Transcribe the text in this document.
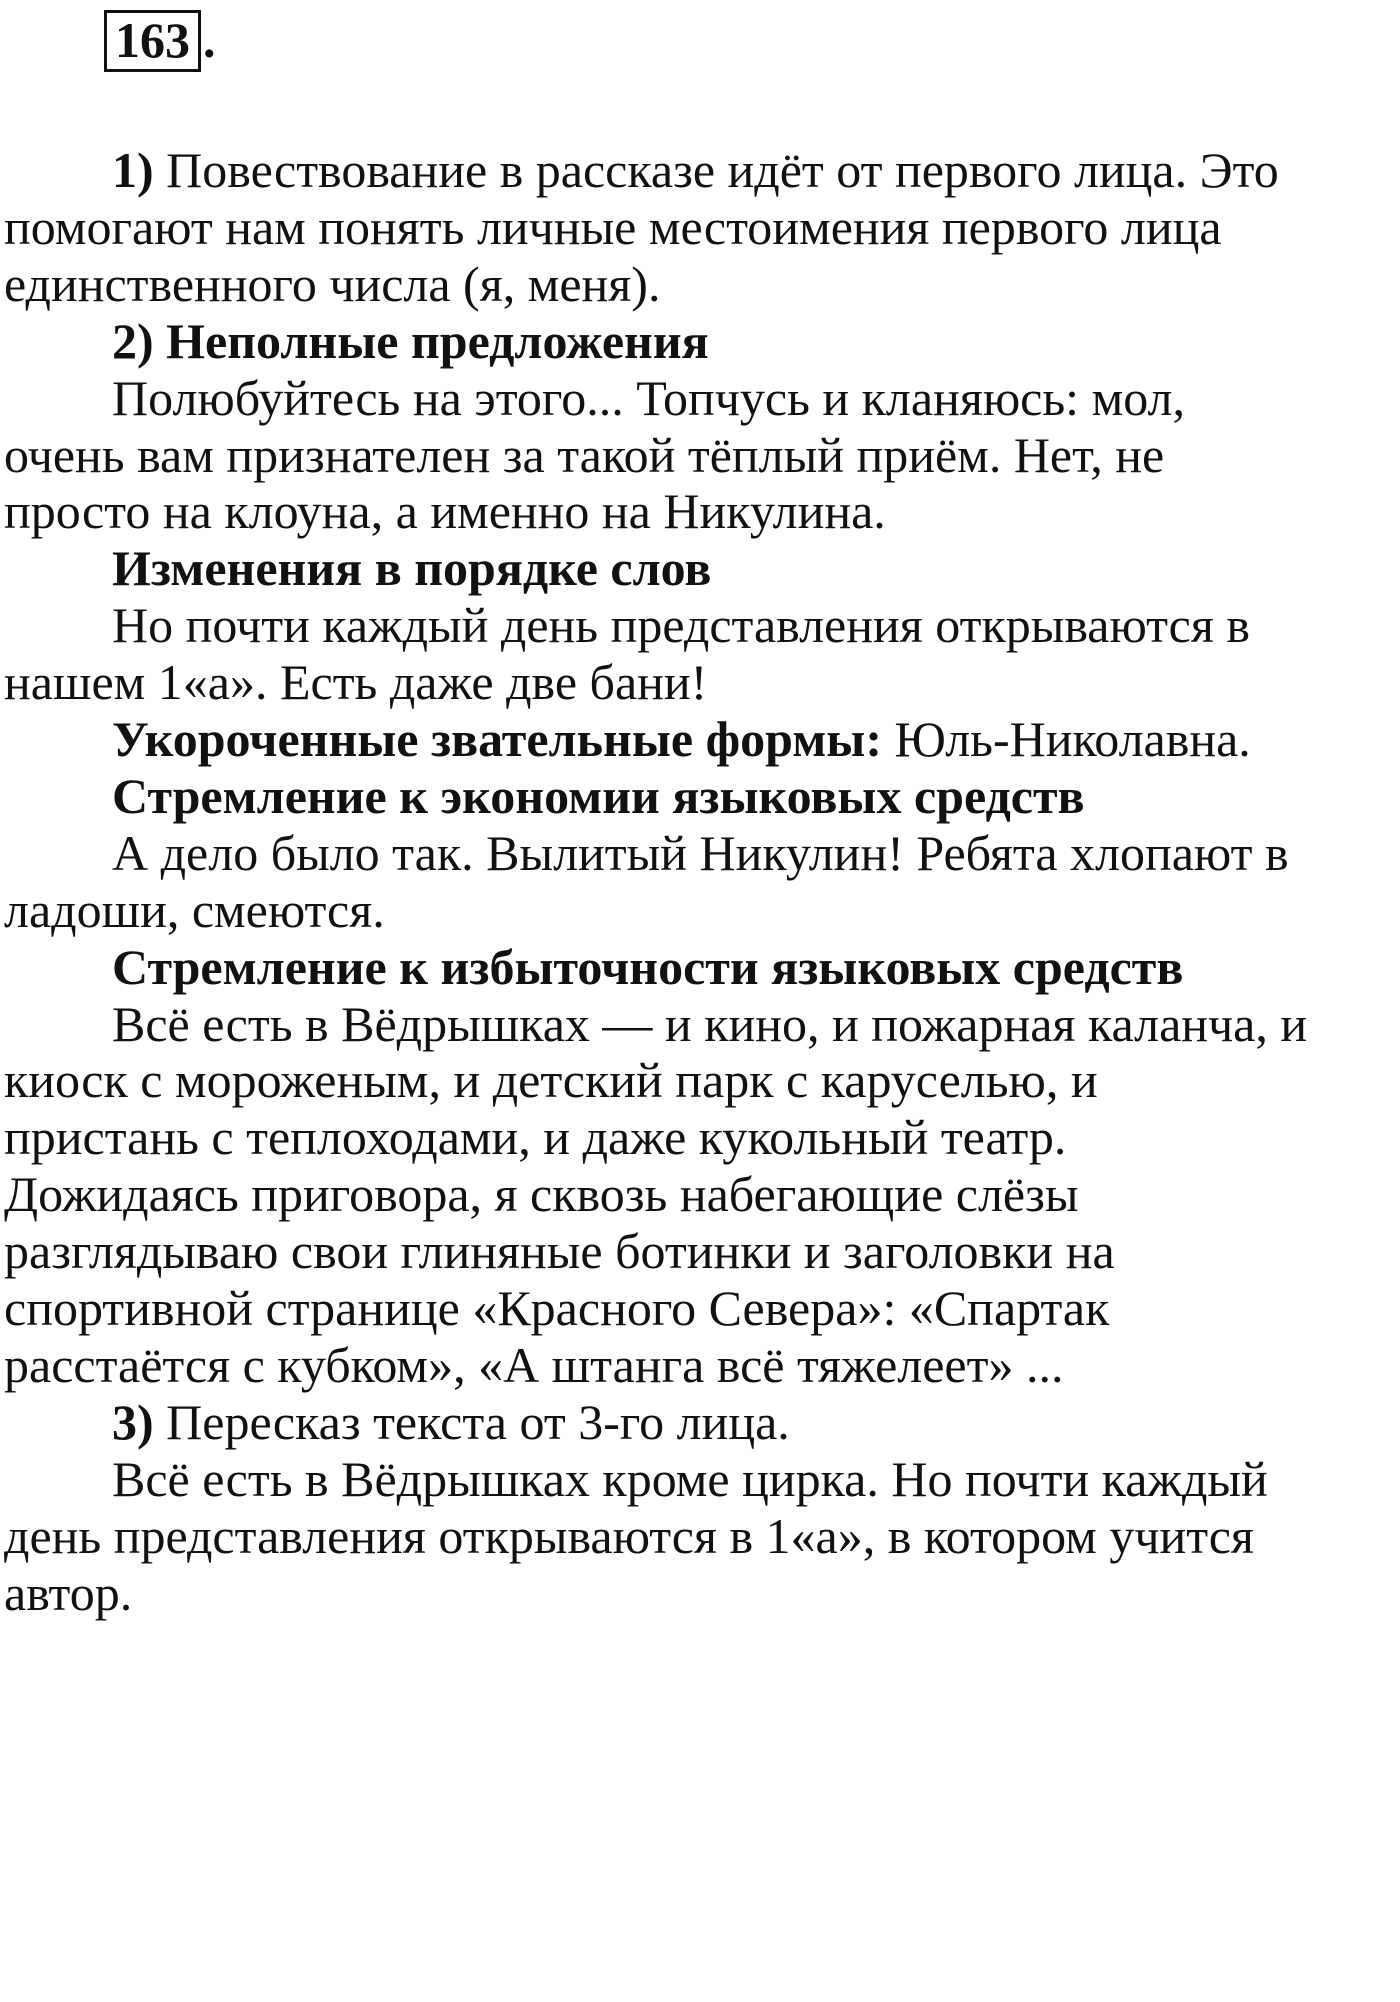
163 .
1) Повествование в рассказе идёт от первого лица. Это
помогают нам понять личные местоимения первого лица
единственного числа (я, меня).
2) Неполные предложения
Полюбуйтесь на этого... Топчусь и кланяюсь: мол,
очень вам признателен за такой тёплый приём. Нет, не
просто на клоуна, а именно на Никулина.
Изменения в порядке слов
Но почти каждый день представления открываются в
нашем 1«а». Есть даже две бани!
Укороченные звательные формы: Юль-Николавна.
Стремление к экономии языковых средств
А дело было так. Вылитый Никулин! Ребята хлопают в
ладоши, смеются.
Стремление к избыточности языковых средств
Всё есть в Вёдрышках — и кино, и пожарная каланча, и
киоск с мороженым, и детский парк с каруселью, и
пристань с теплоходами, и даже кукольный театр.
Дожидаясь приговора, я сквозь набегающие слёзы
разглядываю свои глиняные ботинки и заголовки на
спортивной странице «Красного Севера»: «Спартак
расстаётся с кубком», «А штанга всё тяжелеет» ...
3) Пересказ текста от 3-го лица.
Всё есть в Вёдрышках кроме цирка. Но почти каждый
день представления открываются в 1«а», в котором учится
автор.
